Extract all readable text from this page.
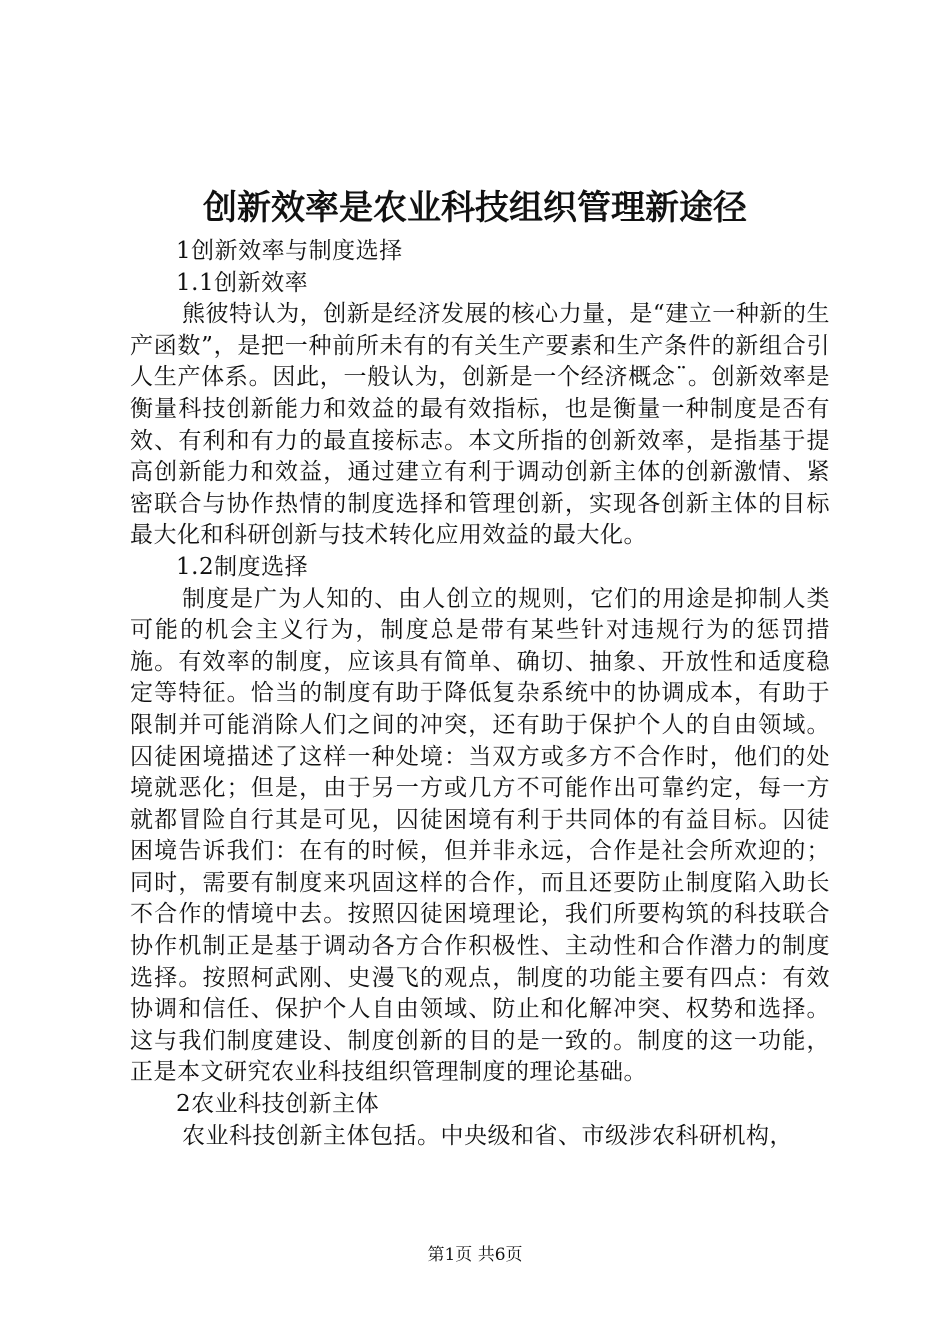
创新效率是农业科技组织管理新途径

1创新效率与制度选择

1.1创新效率

熊彼特认为，创新是经济发展的核心力量，是“建立一种新的生产函数”，是把一种前所未有的有关生产要素和生产条件的新组合引人生产体系。因此，一般认为，创新是一个经济概念¨。创新效率是衡量科技创新能力和效益的最有效指标，也是衡量一种制度是否有效、有利和有力的最直接标志。本文所指的创新效率，是指基于提高创新能力和效益，通过建立有利于调动创新主体的创新激情、紧密联合与协作热情的制度选择和管理创新，实现各创新主体的目标最大化和科研创新与技术转化应用效益的最大化。

1.2制度选择

制度是广为人知的、由人创立的规则，它们的用途是抑制人类可能的机会主义行为，制度总是带有某些针对违规行为的惩罚措施。有效率的制度，应该具有简单、确切、抽象、开放性和适度稳定等特征。恰当的制度有助于降低复杂系统中的协调成本，有助于限制并可能消除人们之间的冲突，还有助于保护个人的自由领域。囚徒困境描述了这样一种处境：当双方或多方不合作时，他们的处境就恶化；但是，由于另一方或几方不可能作出可靠约定，每一方就都冒险自行其是可见，囚徒困境有利于共同体的有益目标。囚徒困境告诉我们：在有的时候，但并非永远，合作是社会所欢迎的；同时，需要有制度来巩固这样的合作，而且还要防止制度陷入助长不合作的情境中去。按照囚徒困境理论，我们所要构筑的科技联合协作机制正是基于调动各方合作积极性、主动性和合作潜力的制度选择。按照柯武刚、史漫飞的观点，制度的功能主要有四点：有效协调和信任、保护个人自由领域、防止和化解冲突、权势和选择。这与我们制度建设、制度创新的目的是一致的。制度的这一功能，正是本文研究农业科技组织管理制度的理论基础。

2农业科技创新主体

农业科技创新主体包括。中央级和省、市级涉农科研机构，

第1页 共6页
